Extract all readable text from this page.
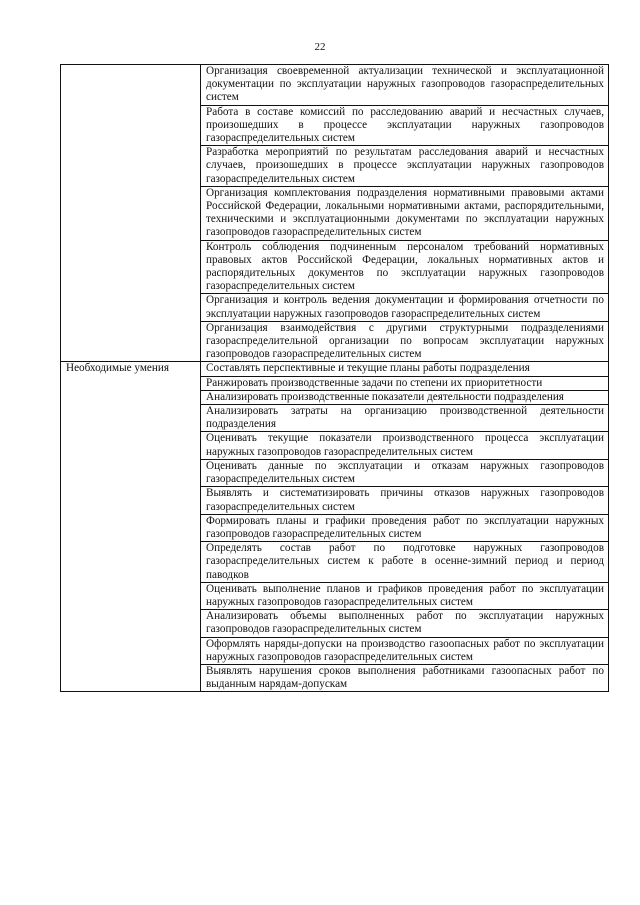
22

	Организация своевременной актуализации технической и эксплуатационной документации по эксплуатации наружных газопроводов газораспределительных систем

	Работа в составе комиссий по расследованию аварий и несчастных случаев, произошедших в процессе эксплуатации наружных газопроводов газораспределительных систем

	Разработка мероприятий по результатам расследования аварий и несчастных случаев, произошедших в процессе эксплуатации наружных газопроводов газораспределительных систем

	Организация комплектования подразделения нормативными правовыми актами Российской Федерации, локальными нормативными актами, распорядительными, техническими и эксплуатационными документами по эксплуатации наружных газопроводов газораспределительных систем

	Контроль соблюдения подчиненным персоналом требований нормативных правовых актов Российской Федерации, локальных нормативных актов и распорядительных документов по эксплуатации наружных газопроводов газораспределительных систем

	Организация и контроль ведения документации и формирования отчетности по эксплуатации наружных газопроводов газораспределительных систем

	Организация взаимодействия с другими структурными подразделениями газораспределительной организации по вопросам эксплуатации наружных газопроводов газораспределительных систем

Необходимые умения	Составлять перспективные и текущие планы работы подразделения

	Ранжировать производственные задачи по степени их приоритетности

	Анализировать производственные показатели деятельности подразделения

	Анализировать затраты на организацию производственной деятельности подразделения

	Оценивать текущие показатели производственного процесса эксплуатации наружных газопроводов газораспределительных систем

	Оценивать данные по эксплуатации и отказам наружных газопроводов газораспределительных систем

	Выявлять и систематизировать причины отказов наружных газопроводов газораспределительных систем

	Формировать планы и графики проведения работ по эксплуатации наружных газопроводов газораспределительных систем

	Определять состав работ по подготовке наружных газопроводов газораспределительных систем к работе в осенне-зимний период и период паводков

	Оценивать выполнение планов и графиков проведения работ по эксплуатации наружных газопроводов газораспределительных систем

	Анализировать объемы выполненных работ по эксплуатации наружных газопроводов газораспределительных систем

	Оформлять наряды-допуски на производство газоопасных работ по эксплуатации наружных газопроводов газораспределительных систем

	Выявлять нарушения сроков выполнения работниками газоопасных работ по выданным нарядам-допускам
